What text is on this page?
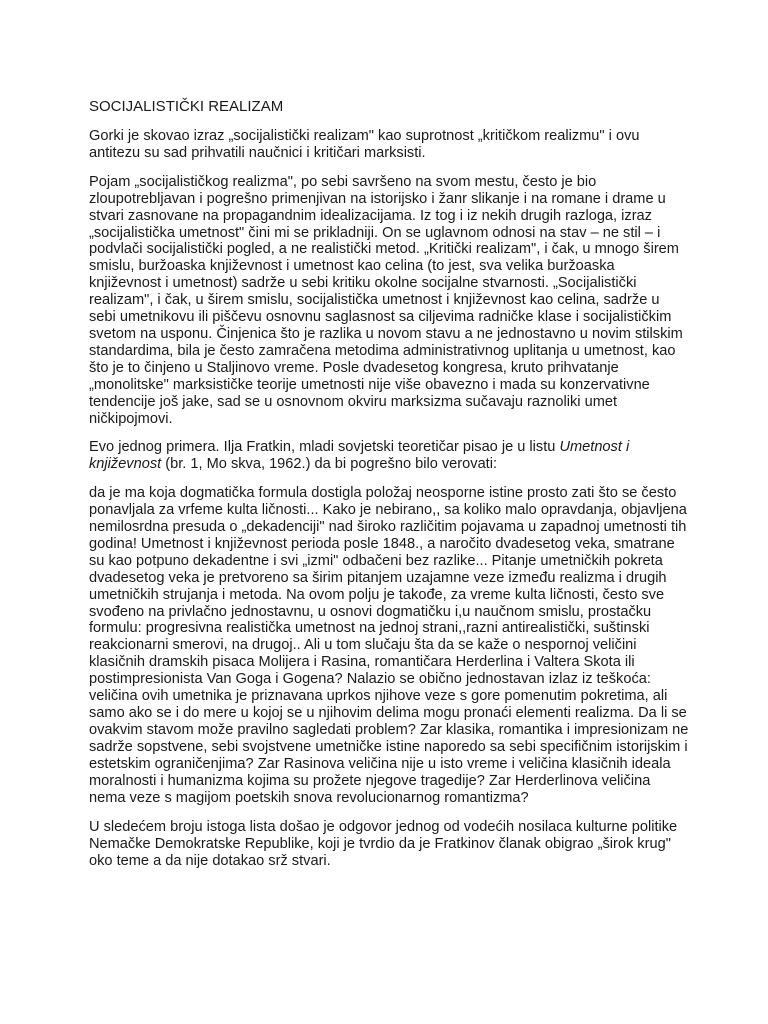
SOCIJALISTIČKI REALIZAM

Gorki je skovao izraz „socijalistički realizam" kao suprotnost „kritičkom realizmu" i ovu antitezu su sad prihvatili naučnici i kritičari marksisti.

Pojam „socijalističkog realizma", po sebi savršeno na svom mestu, često je bio zloupotrebljavan i pogrešno primenjivan na istorijsko i žanr slikanje i na romane i drame u stvari zasnovane na propagandnim idealizacijama. Iz tog i iz nekih drugih razloga, izraz „socijalistička umetnost" čini mi se prikladniji. On se uglavnom odnosi na stav – ne stil – i podvlači socijalistički pogled, a ne realistički metod. „Kritički realizam", i čak, u mnogo širem smislu, buržoaska književnost i umetnost kao celina (to jest, sva velika buržoaska književnost i umetnost) sadrže u sebi kritiku okolne socijalne stvarnosti. „Socijalistički realizam", i čak, u širem smislu, socijalistička umetnost i književnost kao celina, sadrže u sebi umetnikovu ili piščevu osnovnu saglasnost sa ciljevima radničke klase i socijalističkim svetom na usponu. Činjenica što je razlika u novom stavu a ne jednostavno u novim stilskim standardima, bila je često zamračena metodima administrativnog uplitanja u umetnost, kao što je to činjeno u Staljinovo vreme. Posle dvadesetog kongresa, kruto prihvatanje „monolitske" marksističke teorije umetnosti nije više obavezno i mada su konzervativne tendencije još jake, sad se u osnovnom okviru marksizma sučavaju raznoliki umet ničkipojmovi.

Evo jednog primera. Ilja Fratkin, mladi sovjetski teoretičar pisao je u listu Umetnost i književnost (br. 1, Mo skva, 1962.) da bi pogrešno bilo verovati:

da je ma koja dogmatička formula dostigla položaj neosporne istine prosto zati što se često ponavljala za vrfeme kulta ličnosti... Kako je nebirano,, sa koliko malo opravdanja, objavljena nemilosrdna presuda o „dekadenciji" nad široko različitim pojavama u zapadnoj umetnosti tih godina! Umetnost i književnost perioda posle 1848., a naročito dvadesetog veka, smatrane su kao potpuno dekadentne i svi „izmi" odbačeni bez razlike... Pitanje umetničkih pokreta dvadesetog veka je pretvoreno sa širim pitanjem uzajamne veze između realizma i drugih umetničkih strujanja i metoda. Na ovom polju je takođe, za vreme kulta ličnosti, često sve svođeno na privlačno jednostavnu, u osnovi dogmatičku i,u naučnom smislu, prostačku formulu: progresivna realistička umetnost na jednoj strani,,razni antirealistički, suštinski reakcionarni smerovi, na drugoj.. Ali u tom slučaju šta da se kaže o nespornoj veličini klasičnih dramskih pisaca Molijera i Rasina, romantičara Herderlina i Valtera Skota ili postimpresionista Van Goga i Gogena? Nalazio se obično jednostavan izlaz iz teškoća: veličina ovih umetnika je priznavana uprkos njihove veze s gore pomenutim pokretima, ali samo ako se i do mere u kojoj se u njihovim delima mogu pronaći elementi realizma. Da li se ovakvim stavom može pravilno sagledati problem? Zar klasika, romantika i impresionizam ne sadrže sopstvene, sebi svojstvene umetničke istine naporedo sa sebi specifičnim istorijskim i estetskim ograničenjima? Zar Rasinova veličina nije u isto vreme i veličina klasičnih ideala moralnosti i humanizma kojima su prožete njegove tragedije? Zar Herderlinova veličina nema veze s magijom poetskih snova revolucionarnog romantizma?

U sledećem broju istoga lista došao je odgovor jednog od vodećih nosilaca kulturne politike Nemačke Demokratske Republike, koji je tvrdio da je Fratkinov članak obigrao „širok krug" oko teme a da nije dotakao srž stvari.
